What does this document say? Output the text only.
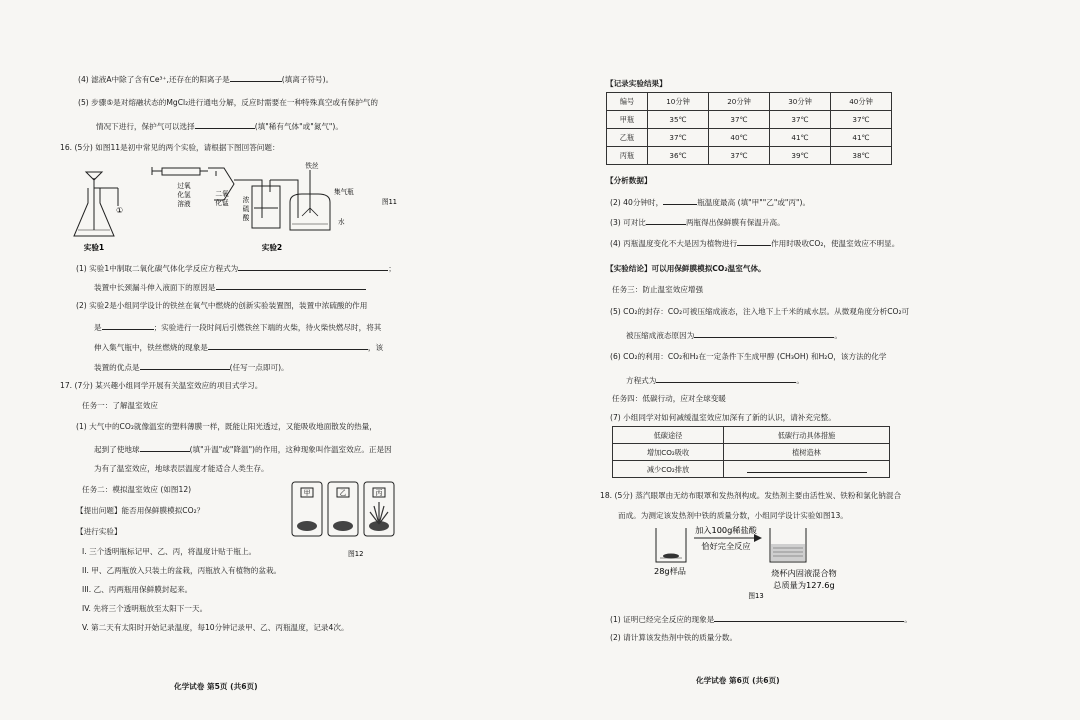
(4) 滤液A中除了含有Ce³⁺,还存在的阳离子是	(填离子符号)。
(5) 步骤⑤是对熔融状态的MgCl₂进行通电分解，反应时需要在一种特殊真空或有保护气的
情况下进行，保护气可以选择	(填"稀有气体"或"氮气")。
16. (5分) 如图11是初中常见的两个实验，请根据下图回答问题：
①
实验1
过氧
化氢
溶液
二氧
化锰 浓
硫
酸
铁丝
集气瓶
水
图11
实验2
(1) 实验1中制取二氧化碳气体化学反应方程式为	；
装置中长颈漏斗伸入液面下的原因是
(2) 实验2是小组同学设计的铁丝在氧气中燃烧的创新实验装置图，装置中浓硫酸的作用
是	；实验进行一段时间后引燃铁丝下端的火柴，待火柴快燃尽时，将其
伸入集气瓶中，铁丝燃烧的现象是	，该
装置的优点是	(任写一点即可)。
17. (7分) 某兴趣小组同学开展有关温室效应的项目式学习。
任务一：了解温室效应
(1) 大气中的CO₂就像温室的塑料薄膜一样，既能让阳光透过，又能吸收地面散发的热量，
起到了使地球	(填"升温"或"降温")的作用，这种现象叫作温室效应。正是因
为有了温室效应，地球表层温度才能适合人类生存。
任务二：模拟温室效应 (如图12)
【提出问题】能否用保鲜膜模拟CO₂？
【进行实验】
I. 三个透明瓶标记甲、乙、丙，将温度计贴于瓶上。
II. 甲、乙两瓶放入只装土的盆栽，丙瓶放入有植物的盆栽。
III. 乙、丙两瓶用保鲜膜封起来。
IV. 先将三个透明瓶放至太阳下一天。
V. 第二天有太阳时开始记录温度，每10分钟记录甲、乙、丙瓶温度，记录4次。
甲	乙	丙
图12
化学试卷 第5页 (共6页)
【记录实验结果】
编号	10分钟	20分钟	30分钟	40分钟
甲瓶	35℃	37℃	37℃	37℃
乙瓶	37℃	40℃	41℃	41℃
丙瓶	36℃	37℃	39℃	38℃
【分析数据】
(2) 40分钟时，	瓶温度最高 (填"甲""乙"或"丙")。
(3) 可对比	两瓶得出保鲜膜有保温升高。
(4) 丙瓶温度变化不大是因为植物进行	作用时吸收CO₂，使温室效应不明显。
【实验结论】可以用保鲜膜模拟CO₂温室气体。
任务三：防止温室效应增强
(5) CO₂的封存：CO₂可被压缩成液态，注入地下上千米的咸水层。从微观角度分析CO₂可
被压缩成液态原因为	。
(6) CO₂的利用：CO₂和H₂在一定条件下生成甲醇 (CH₃OH) 和H₂O，该方法的化学
方程式为	。
任务四：低碳行动，应对全球变暖
(7) 小组同学对如何减缓温室效应加深有了新的认识，请补充完整。
低碳途径	低碳行动具体措施
增加CO₂吸收	植树造林
减少CO₂排放	
18. (5分) 蒸汽眼罩由无纺布眼罩和发热剂构成。发热剂主要由活性炭、铁粉和氯化钠混合
而成。为测定该发热剂中铁的质量分数，小组同学设计实验如图13。
28g样品
加入100g稀盐酸
恰好完全反应
烧杯内固液混合物
总质量为127.6g
图13
(1) 证明已经完全反应的现象是	。
(2) 请计算该发热剂中铁的质量分数。
化学试卷 第6页 (共6页)
